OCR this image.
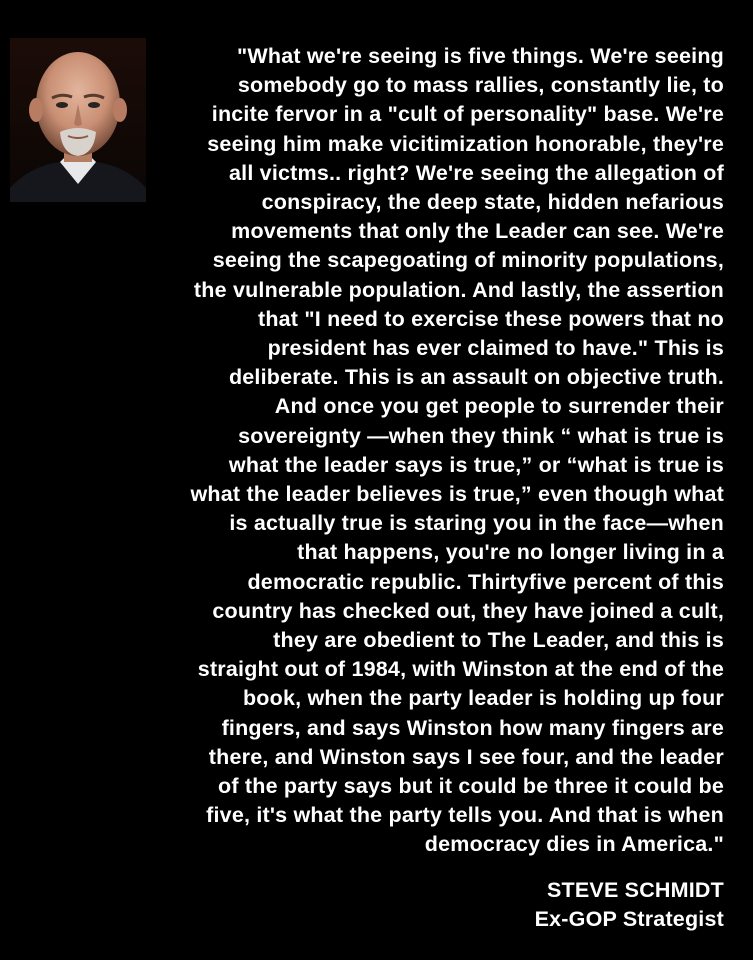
"What we're seeing is five things. We're seeing
somebody go to mass rallies, constantly lie, to
incite fervor in a "cult of personality" base. We're
seeing him make vicitimization honorable, they're
all victms.. right? We're seeing the allegation of
conspiracy, the deep state, hidden nefarious
movements that only the Leader can see. We're
seeing the scapegoating of minority populations,
the vulnerable population. And lastly, the assertion
that "I need to exercise these powers that no
president has ever claimed to have." This is
deliberate. This is an assault on objective truth.
And once you get people to surrender their
sovereignty —when they think “ what is true is
what the leader says is true,” or “what is true is
what the leader believes is true,” even though what
is actually true is staring you in the face—when
that happens, you're no longer living in a
democratic republic. Thirtyfive percent of this
country has checked out, they have joined a cult,
they are obedient to The Leader, and this is
straight out of 1984, with Winston at the end of the
book, when the party leader is holding up four
fingers, and says Winston how many fingers are
there, and Winston says I see four, and the leader
of the party says but it could be three it could be
five, it's what the party tells you. And that is when
democracy dies in America."
STEVE SCHMIDT
Ex-GOP Strategist
